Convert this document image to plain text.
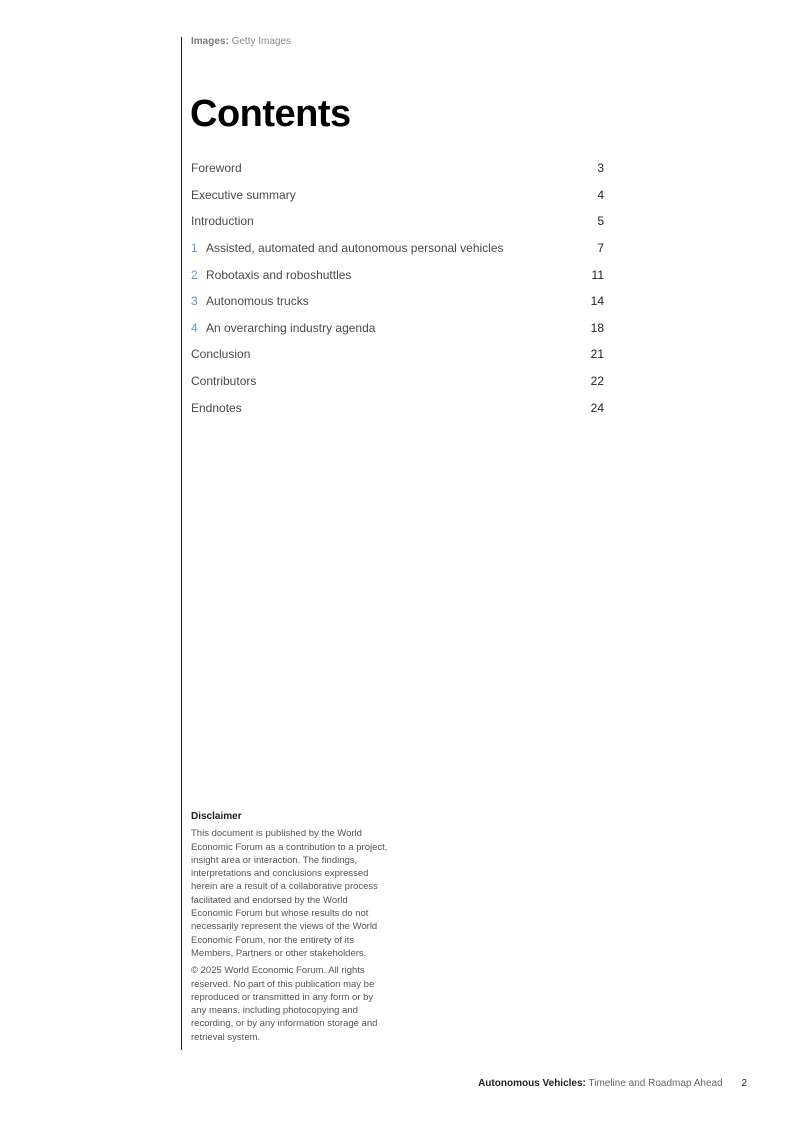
Images: Getty Images
Contents
Foreword	3
Executive summary	4
Introduction	5
1 Assisted, automated and autonomous personal vehicles	7
2 Robotaxis and roboshuttles	11
3 Autonomous trucks	14
4 An overarching industry agenda	18
Conclusion	21
Contributors	22
Endnotes	24

Disclaimer

This document is published by the World Economic Forum as a contribution to a project, insight area or interaction. The findings, interpretations and conclusions expressed herein are a result of a collaborative process facilitated and endorsed by the World Economic Forum but whose results do not necessarily represent the views of the World Economic Forum, nor the entirety of its Members, Partners or other stakeholders.

© 2025 World Economic Forum. All rights reserved. No part of this publication may be reproduced or transmitted in any form or by any means, including photocopying and recording, or by any information storage and retrieval system.

Autonomous Vehicles: Timeline and Roadmap Ahead 2
